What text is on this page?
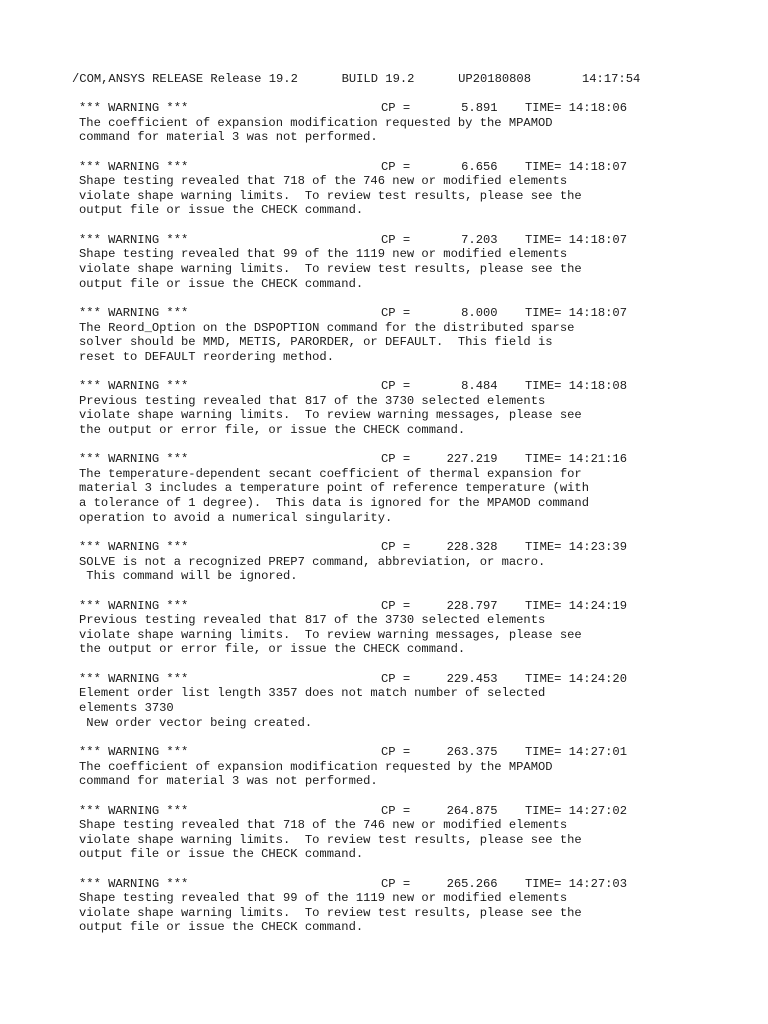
/COM,ANSYS RELEASE Release 19.2      BUILD 19.2      UP20180808       14:17:54
*** WARNING ***	CP =       5.891	TIME= 14:18:06
The coefficient of expansion modification requested by the MPAMOD
command for material 3 was not performed.
*** WARNING ***	CP =       6.656	TIME= 14:18:07
Shape testing revealed that 718 of the 746 new or modified elements
violate shape warning limits.  To review test results, please see the
output file or issue the CHECK command.
*** WARNING ***	CP =       7.203	TIME= 14:18:07
Shape testing revealed that 99 of the 1119 new or modified elements
violate shape warning limits.  To review test results, please see the
output file or issue the CHECK command.
*** WARNING ***	CP =       8.000	TIME= 14:18:07
The Reord_Option on the DSPOPTION command for the distributed sparse
solver should be MMD, METIS, PARORDER, or DEFAULT.  This field is
reset to DEFAULT reordering method.
*** WARNING ***	CP =       8.484	TIME= 14:18:08
Previous testing revealed that 817 of the 3730 selected elements
violate shape warning limits.  To review warning messages, please see
the output or error file, or issue the CHECK command.
*** WARNING ***	CP =     227.219	TIME= 14:21:16
The temperature-dependent secant coefficient of thermal expansion for
material 3 includes a temperature point of reference temperature (with
a tolerance of 1 degree).  This data is ignored for the MPAMOD command
operation to avoid a numerical singularity.
*** WARNING ***	CP =     228.328	TIME= 14:23:39
SOLVE is not a recognized PREP7 command, abbreviation, or macro.
This command will be ignored.
*** WARNING ***	CP =     228.797	TIME= 14:24:19
Previous testing revealed that 817 of the 3730 selected elements
violate shape warning limits.  To review warning messages, please see
the output or error file, or issue the CHECK command.
*** WARNING ***	CP =     229.453	TIME= 14:24:20
Element order list length 3357 does not match number of selected
elements 3730
New order vector being created.
*** WARNING ***	CP =     263.375	TIME= 14:27:01
The coefficient of expansion modification requested by the MPAMOD
command for material 3 was not performed.
*** WARNING ***	CP =     264.875	TIME= 14:27:02
Shape testing revealed that 718 of the 746 new or modified elements
violate shape warning limits.  To review test results, please see the
output file or issue the CHECK command.
*** WARNING ***	CP =     265.266	TIME= 14:27:03
Shape testing revealed that 99 of the 1119 new or modified elements
violate shape warning limits.  To review test results, please see the
output file or issue the CHECK command.
